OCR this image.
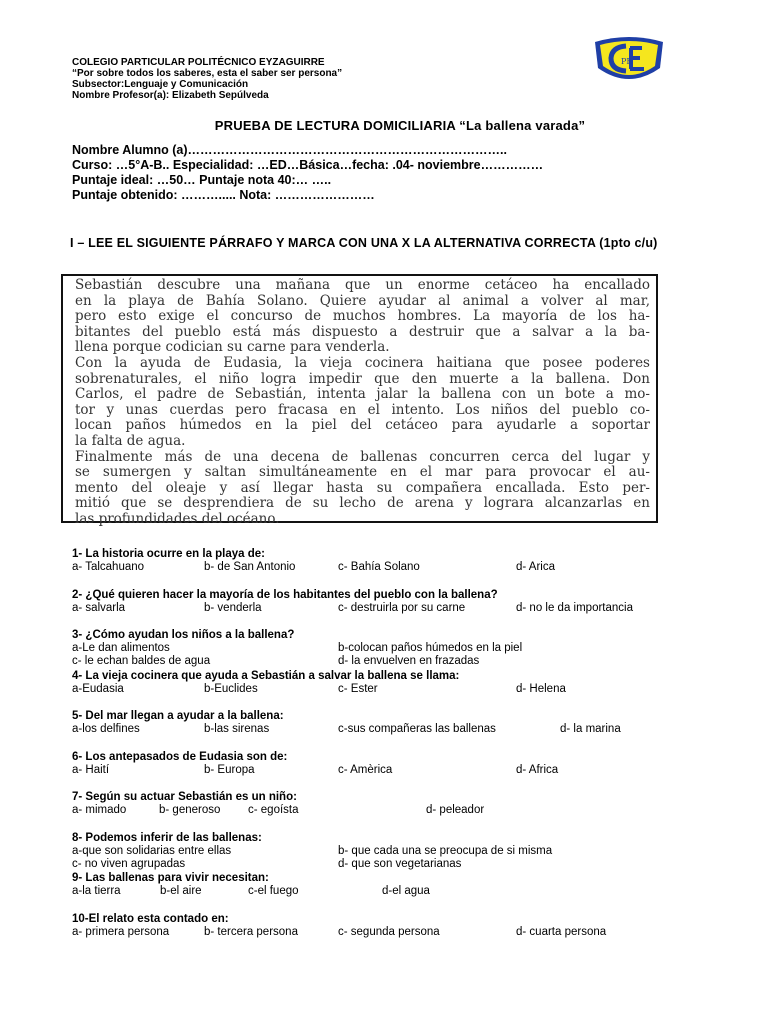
COLEGIO PARTICULAR POLITÉCNICO EYZAGUIRRE
“Por sobre todos los saberes, esta el saber ser persona”
Subsector:Lenguaje y Comunicación
Nombre Profesor(a): Elizabeth Sepúlveda
PE
PRUEBA DE LECTURA DOMICILIARIA “La ballena varada”
Nombre Alumno (a)…………………………………………………………………..
Curso: …5°A-B.. Especialidad: …ED…Básica…fecha: .04- noviembre……………
Puntaje ideal: …50… Puntaje nota 40:… …..
Puntaje obtenido: ………..... Nota: ……………………
I – LEE EL SIGUIENTE PÁRRAFO Y MARCA CON UNA X LA ALTERNATIVA CORRECTA (1pto c/u)
Sebastián descubre una mañana que un enorme cetáceo ha encallado
en la playa de Bahía Solano. Quiere ayudar al animal a volver al mar,
pero esto exige el concurso de muchos hombres. La mayoría de los ha-
bitantes del pueblo está más dispuesto a destruir que a salvar a la ba-
llena porque codician su carne para venderla.
Con la ayuda de Eudasia, la vieja cocinera haitiana que posee poderes
sobrenaturales, el niño logra impedir que den muerte a la ballena. Don
Carlos, el padre de Sebastián, intenta jalar la ballena con un bote a mo-
tor y unas cuerdas pero fracasa en el intento. Los niños del pueblo co-
locan paños húmedos en la piel del cetáceo para ayudarle a soportar
la falta de agua.
Finalmente más de una decena de ballenas concurren cerca del lugar y
se sumergen y saltan simultáneamente en el mar para provocar el au-
mento del oleaje y así llegar hasta su compañera encallada. Esto per-
mitió que se desprendiera de su lecho de arena y lograra alcanzarlas en
las profundidades del océano.
1- La historia ocurre en la playa de:
a- Talcahuano	b- de San Antonio	c- Bahía Solano	d- Arica
2- ¿Qué quieren hacer la mayoría de los habitantes del pueblo con la ballena?
a- salvarla	b- venderla	c- destruirla por su carne	d- no le da importancia
3- ¿Cómo ayudan los niños a la ballena?
a-Le dan alimentos	b-colocan paños húmedos en la piel
c- le echan baldes de agua	d- la envuelven en frazadas
4- La vieja cocinera que ayuda a Sebastián a salvar la ballena se llama:
a-Eudasia	b-Euclides	c- Ester	d- Helena
5- Del mar llegan a ayudar a la ballena:
a-los delfines	b-las sirenas	c-sus compañeras las ballenas	d- la marina
6- Los antepasados de Eudasia son de:
a- Haití	b- Europa	c- Amèrica	d- Africa
7- Según su actuar Sebastián es un niño:
a- mimado	b- generoso c- egoísta	d- peleador
8- Podemos inferir de las ballenas:
a-que son solidarias entre ellas	b- que cada una se preocupa de si misma
c- no viven agrupadas	d- que son vegetarianas
9- Las ballenas para vivir necesitan:
a-la tierra	b-el aire	c-el fuego	d-el agua
10-El relato esta contado en:
a- primera persona	b- tercera persona	c- segunda persona	d- cuarta persona
